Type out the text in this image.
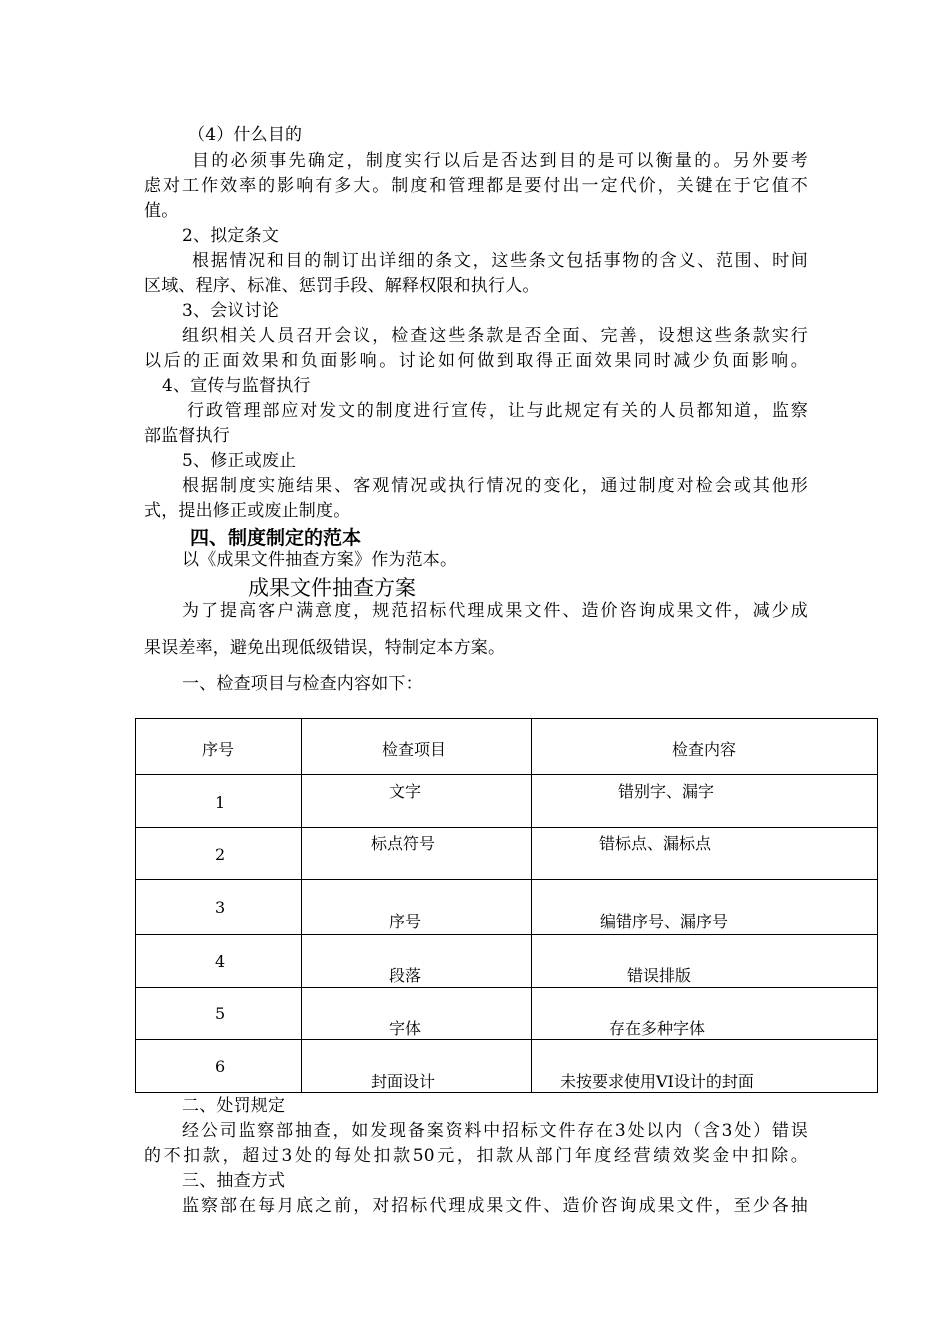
（4）什么目的
目的必须事先确定，制度实行以后是否达到目的是可以衡量的。另外要考
虑对工作效率的影响有多大。制度和管理都是要付出一定代价，关键在于它值不
值。
2、拟定条文
根据情况和目的制订出详细的条文，这些条文包括事物的含义、范围、时间
区域、程序、标准、惩罚手段、解释权限和执行人。
3、会议讨论
组织相关人员召开会议，检查这些条款是否全面、完善，设想这些条款实行
以后的正面效果和负面影响。讨论如何做到取得正面效果同时减少负面影响。
4、宣传与监督执行
行政管理部应对发文的制度进行宣传，让与此规定有关的人员都知道，监察
部监督执行
5、修正或废止
根据制度实施结果、客观情况或执行情况的变化，通过制度对检会或其他形
式，提出修正或废止制度。
四、制度制定的范本
以《成果文件抽查方案》作为范本。
成果文件抽查方案
为了提高客户满意度，规范招标代理成果文件、造价咨询成果文件，减少成
果误差率，避免出现低级错误，特制定本方案。
一、检查项目与检查内容如下：
序号	检查项目	检查内容

1	文字	错别字、漏字

2	标点符号	错标点、漏标点

3	序号	编错序号、漏序号

4	段落	错误排版

5	字体	存在多种字体

6	封面设计	未按要求使用VI设计的封面
二、处罚规定
经公司监察部抽查，如发现备案资料中招标文件存在3处以内（含3处）错误
的不扣款，超过3处的每处扣款50元，扣款从部门年度经营绩效奖金中扣除。
三、抽查方式
监察部在每月底之前，对招标代理成果文件、造价咨询成果文件，至少各抽
